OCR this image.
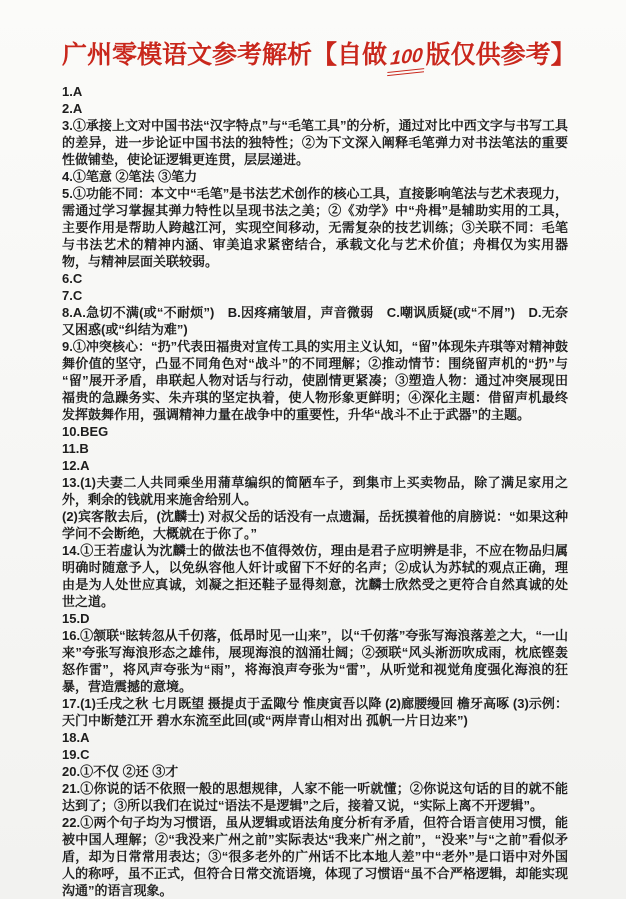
广州零模语文参考解析【自做 100版仅供参考】

1.A

2.A

3.①承接上文对中国书法“汉字特点”与“毛笔工具”的分析，通过对比中西文字与书写工具的差异，进一步论证中国书法的独特性；②为下文深入阐释毛笔弹力对书法笔法的重要性做铺垫，使论证逻辑更连贯，层层递进。

4.①笔意 ②笔法 ③笔力

5.①功能不同：本文中“毛笔”是书法艺术创作的核心工具，直接影响笔法与艺术表现力，需通过学习掌握其弹力特性以呈现书法之美；②《劝学》中“舟楫”是辅助实用的工具，主要作用是帮助人跨越江河，实现空间移动，无需复杂的技艺训练；③关联不同：毛笔与书法艺术的精神内涵、审美追求紧密结合，承载文化与艺术价值；舟楫仅为实用器物，与精神层面关联较弱。

6.C

7.C

8.A.急切不满(或“不耐烦”)　B.因疼痛皱眉，声音微弱　C.嘲讽质疑(或“不屑”)　D.无奈又困惑(或“纠结为难”)

9.①冲突核心：“扔”代表田福贵对宣传工具的实用主义认知，“留”体现朱卉琪等对精神鼓舞价值的坚守，凸显不同角色对“战斗”的不同理解；②推动情节：围绕留声机的“扔”与“留”展开矛盾，串联起人物对话与行动，使剧情更紧凑；③塑造人物：通过冲突展现田福贵的急躁务实、朱卉琪的坚定执着，使人物形象更鲜明；④深化主题：借留声机最终发挥鼓舞作用，强调精神力量在战争中的重要性，升华“战斗不止于武器”的主题。

10.BEG

11.B

12.A

13.(1)夫妻二人共同乘坐用蒲草编织的简陋车子，到集市上买卖物品，除了满足家用之外，剩余的钱就用来施舍给别人。

(2)宾客散去后，(沈麟士) 对叔父岳的话没有一点遗漏，岳抚摸着他的肩膀说：“如果这种学问不会断绝，大概就在于你了。”

14.①王若虚认为沈麟士的做法也不值得效仿，理由是君子应明辨是非，不应在物品归属明确时随意予人，以免纵容他人奸计或留下不好的名声；②成认为苏轼的观点正确，理由是为人处世应真诚，刘凝之拒还鞋子显得刻意，沈麟士欣然受之更符合自然真诚的处世之道。

15.D

16.①颔联“眩转忽从千仞落，低昂时见一山来”，以“千仞落”夸张写海浪落差之大，“一山来”夸张写海浪形态之雄伟，展现海浪的汹涌壮阔；②颈联“风头淅沥吹成雨，枕底铿轰怒作雷”，将风声夸张为“雨”，将海浪声夸张为“雷”，从听觉和视觉角度强化海浪的狂暴，营造震撼的意境。

17.(1)壬戌之秋 七月既望 摄提贞于孟陬兮 惟庚寅吾以降 (2)廊腰缦回 檐牙高啄 (3)示例：天门中断楚江开 碧水东流至此回(或“两岸青山相对出 孤帆一片日边来”)

18.A

19.C

20.①不仅 ②还 ③才

21.①你说的话不依照一般的思想规律，人家不能一听就懂；②你说这句话的目的就不能达到了；③所以我们在说过“语法不是逻辑”之后，接着又说，“实际上离不开逻辑”。

22.①两个句子均为习惯语，虽从逻辑或语法角度分析有矛盾，但符合语言使用习惯，能被中国人理解；②“我没来广州之前”实际表达“我来广州之前”，“没来”与“之前”看似矛盾，却为日常常用表达；③“很多老外的广州话不比本地人差”中“老外”是口语中对外国人的称呼，虽不正式，但符合日常交流语境，体现了习惯语“虽不合严格逻辑，却能实现沟通”的语言现象。
